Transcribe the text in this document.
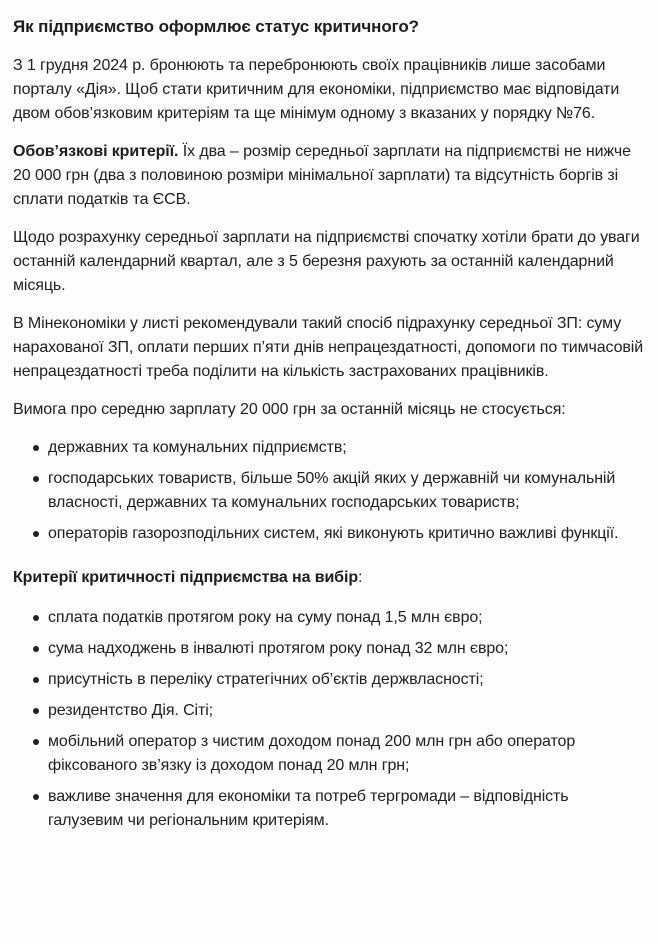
Як підприємство оформлює статус критичного?

З 1 грудня 2024 р. бронюють та перебронюють своїх працівників лише засобами порталу «Дія». Щоб стати критичним для економіки, підприємство має відповідати двом обов’язковим критеріям та ще мінімум одному з вказаних у порядку №76.

Обов’язкові критерії. Їх два – розмір середньої зарплати на підприємстві не нижче 20 000 грн (два з половиною розміри мінімальної зарплати) та відсутність боргів зі сплати податків та ЄСВ.

Щодо розрахунку середньої зарплати на підприємстві спочатку хотіли брати до уваги останній календарний квартал, але з 5 березня рахують за останній календарний місяць.

В Мінекономіки у листі рекомендували такий спосіб підрахунку середньої ЗП: суму нарахованої ЗП, оплати перших п’яти днів непрацездатності, допомоги по тимчасовій непрацездатності треба поділити на кількість застрахованих працівників.

Вимога про середню зарплату 20 000 грн за останній місяць не стосується:

державних та комунальних підприємств;
господарських товариств, більше 50% акцій яких у державній чи комунальній власності, державних та комунальних господарських товариств;
операторів газорозподільних систем, які виконують критично важливі функції.

Критерії критичності підприємства на вибір:

сплата податків протягом року на суму понад 1,5 млн євро;
сума надходжень в інвалюті протягом року понад 32 млн євро;
присутність в переліку стратегічних об’єктів держвласності;
резидентство Дія. Сіті;
мобільний оператор з чистим доходом понад 200 млн грн або оператор фіксованого зв’язку із доходом понад 20 млн грн;
важливе значення для економіки та потреб тергромади – відповідність галузевим чи регіональним критеріям.
